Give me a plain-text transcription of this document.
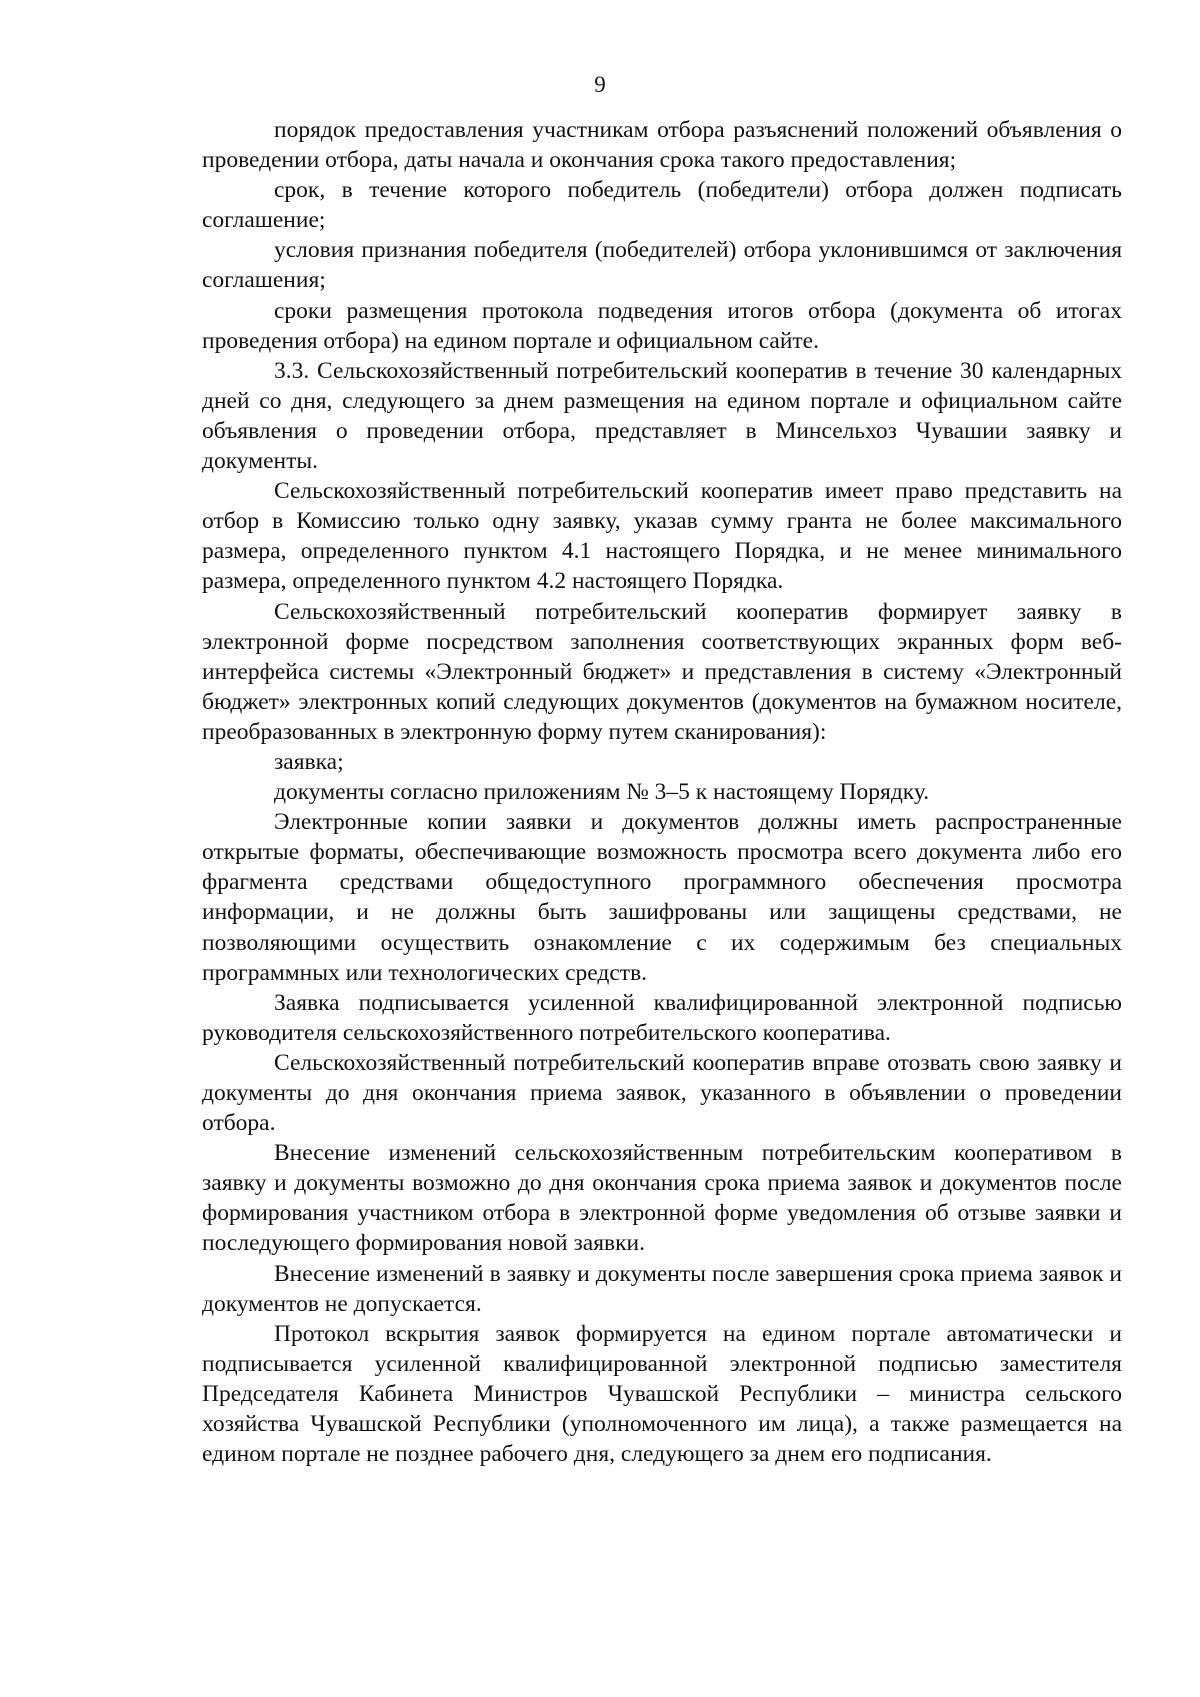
9

порядок предоставления участникам отбора разъяснений положений объявления о проведении отбора, даты начала и окончания срока такого предоставления;

срок, в течение которого победитель (победители) отбора должен подписать соглашение;

условия признания победителя (победителей) отбора уклонившимся от заключения соглашения;

сроки размещения протокола подведения итогов отбора (документа об итогах проведения отбора) на едином портале и официальном сайте.

3.3. Сельскохозяйственный потребительский кооператив в течение 30 календарных дней со дня, следующего за днем размещения на едином портале и официальном сайте объявления о проведении отбора, представляет в Минсельхоз Чувашии заявку и документы.

Сельскохозяйственный потребительский кооператив имеет право представить на отбор в Комиссию только одну заявку, указав сумму гранта не более максимального размера, определенного пунктом 4.1 настоящего Порядка, и не менее минимального размера, определенного пунктом 4.2 настоящего Порядка.

Сельскохозяйственный потребительский кооператив формирует заявку в электронной форме посредством заполнения соответствующих экранных форм веб-интерфейса системы «Электронный бюджет» и представления в систему «Электронный бюджет» электронных копий следующих документов (документов на бумажном носителе, преобразованных в электронную форму путем сканирования):

заявка;

документы согласно приложениям № 3–5 к настоящему Порядку.

Электронные копии заявки и документов должны иметь распространенные открытые форматы, обеспечивающие возможность просмотра всего документа либо его фрагмента средствами общедоступного программного обеспечения просмотра информации, и не должны быть зашифрованы или защищены средствами, не позволяющими осуществить ознакомление с их содержимым без специальных программных или технологических средств.

Заявка подписывается усиленной квалифицированной электронной подписью руководителя сельскохозяйственного потребительского кооператива.

Сельскохозяйственный потребительский кооператив вправе отозвать свою заявку и документы до дня окончания приема заявок, указанного в объявлении о проведении отбора.

Внесение изменений сельскохозяйственным потребительским кооперативом в заявку и документы возможно до дня окончания срока приема заявок и документов после формирования участником отбора в электронной форме уведомления об отзыве заявки и последующего формирования новой заявки.

Внесение изменений в заявку и документы после завершения срока приема заявок и документов не допускается.

Протокол вскрытия заявок формируется на едином портале автоматически и подписывается усиленной квалифицированной электронной подписью заместителя Председателя Кабинета Министров Чувашской Республики – министра сельского хозяйства Чувашской Республики (уполномоченного им лица), а также размещается на едином портале не позднее рабочего дня, следующего за днем его подписания.
